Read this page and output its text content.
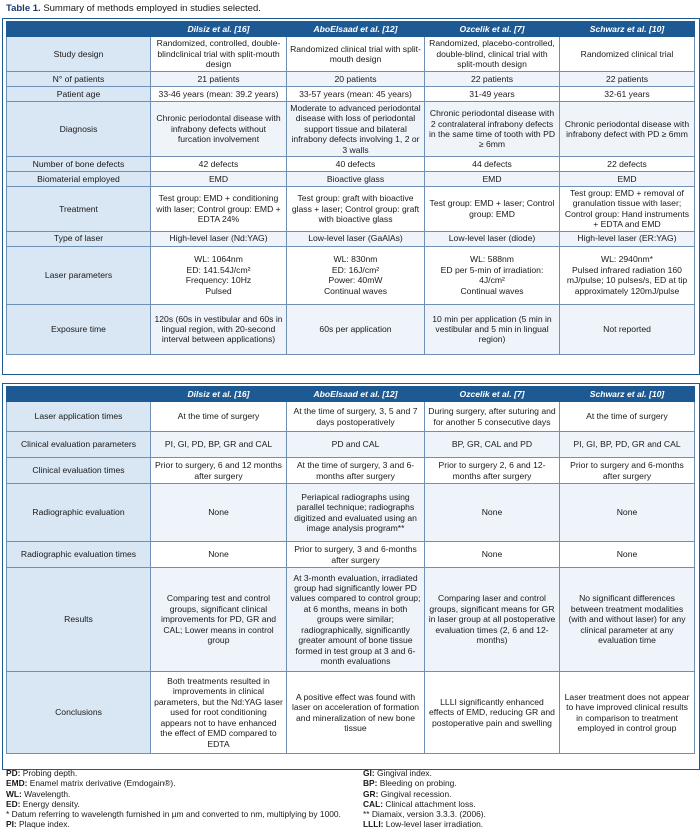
Table 1. Summary of methods employed in studies selected.
	Dilsiz et al. [16]	AboElsaad et al. [12]	Ozcelik et al. [7]	Schwarz et al. [10]
Study design	Randomized, controlled, double-blindclinical trial with split-mouth design	Randomized clinical trial with split-mouth design	Randomized, placebo-controlled, double-blind, clinical trial with split-mouth design	Randomized clinical trial
N° of patients	21 patients	20 patients	22 patients	22 patients
Patient age	33-46 years (mean: 39.2 years)	33-57 years (mean: 45 years)	31-49 years	32-61 years
Diagnosis	Chronic periodontal disease with infrabony defects without furcation involvement	Moderate to advanced periodontal disease with loss of periodontal support tissue and bilateral infrabony defects involving 1, 2 or 3 walls	Chronic periodontal disease with 2 contralateral infrabony defects in the same time of tooth with PD ≥ 6mm	Chronic periodontal disease with infrabony defect with PD ≥ 6mm
Number of bone defects	42 defects	40 defects	44 defects	22 defects
Biomaterial employed	EMD	Bioactive glass	EMD	EMD
Treatment	Test group: EMD + conditioning with laser; Control group: EMD + EDTA 24%	Test group: graft with bioactive glass + laser; Control group: graft with bioactive glass	Test group: EMD + laser; Control group: EMD	Test group: EMD + removal of granulation tissue with laser; Control group: Hand instruments + EDTA and EMD
Type of laser	High-level laser (Nd:YAG)	Low-level laser (GaAlAs)	Low-level laser (diode)	High-level laser (ER:YAG)
Laser parameters	WL: 1064nm
ED: 141.54J/cm²
Frequency: 10Hz
Pulsed	WL: 830nm
ED: 16J/cm²
Power: 40mW
Continual waves	WL: 588nm
ED per 5-min of irradiation: 4J/cm²
Continual waves	WL: 2940nm*
Pulsed infrared radiation 160 mJ/pulse; 10 pulses/s, ED at tip approximately 120mJ/pulse
Exposure time	120s (60s in vestibular and 60s in lingual region, with 20-second interval between applications)	60s per application	10 min per application (5 min in vestibular and 5 min in lingual region)	Not reported
	Dilsiz et al. [16]	AboElsaad et al. [12]	Ozcelik et al. [7]	Schwarz et al. [10]
Laser application times	At the time of surgery	At the time of surgery, 3, 5 and 7 days postoperatively	During surgery, after suturing and for another 5 consecutive days	At the time of surgery
Clinical evaluation parameters	PI, GI, PD, BP, GR and CAL	PD and CAL	BP, GR, CAL and PD	PI, GI, BP, PD, GR and CAL
Clinical evaluation times	Prior to surgery, 6 and 12 months after surgery	At the time of surgery, 3 and 6-months after surgery	Prior to surgery 2, 6 and 12-months after surgery	Prior to surgery and 6-months after surgery
Radiographic evaluation	None	Periapical radiographs using parallel technique; radiographs digitized and evaluated using an image analysis program**	None	None
Radiographic evaluation times	None	Prior to surgery, 3 and 6-months after surgery	None	None
Results	Comparing test and control groups, significant clinical improvements for PD, GR and CAL; Lower means in control group	At 3-month evaluation, irradiated group had significantly lower PD values compared to control group; at 6 months, means in both groups were similar; radiographically, significantly greater amount of bone tissue formed in test group at 3 and 6-month evaluations	Comparing laser and control groups, significant means for GR in laser group at all postoperative evaluation times (2, 6 and 12-months)	No significant differences between treatment modalities (with and without laser) for any clinical parameter at any evaluation time
Conclusions	Both treatments resulted in improvements in clinical parameters, but the Nd:YAG laser used for root conditioning appears not to have enhanced the effect of EMD compared to EDTA	A positive effect was found with laser on acceleration of formation and mineralization of new bone tissue	LLLI significantly enhanced effects of EMD, reducing GR and postoperative pain and swelling	Laser treatment does not appear to have improved clinical results in comparison to treatment employed in control group
PD: Probing depth.
EMD: Enamel matrix derivative (Emdogain®).
WL: Wavelength.
ED: Energy density.
* Datum referring to wavelength furnished in µm and converted to nm, multiplying by 1000.
PI: Plaque index.
GI: Gingival index.
BP: Bleeding on probing.
GR: Gingival recession.
CAL: Clinical attachment loss.
** Diamaix, version 3.3.3. (2006).
LLLI: Low-level laser irradiation.
